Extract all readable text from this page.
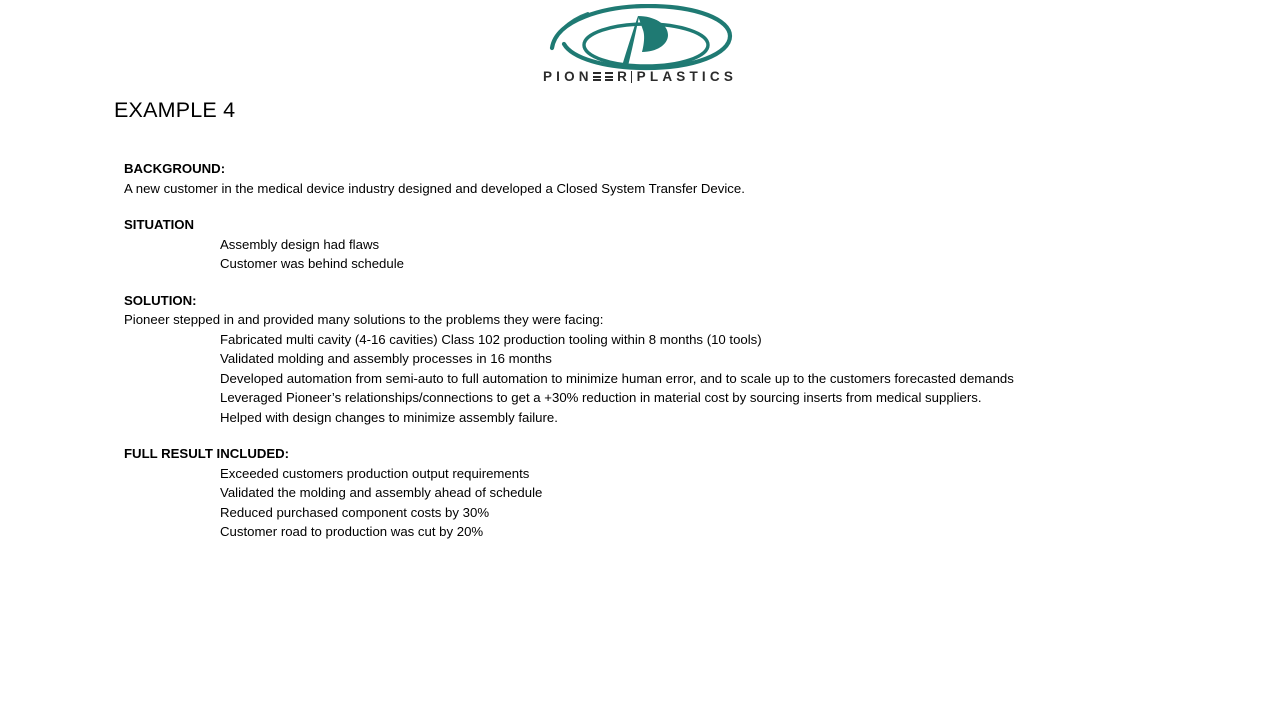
PION R PLASTICS
EXAMPLE 4
BACKGROUND:
A new customer in the medical device industry designed and developed a Closed System Transfer Device.
SITUATION
Assembly design had flaws
Customer was behind schedule
SOLUTION:
Pioneer stepped in and provided many solutions to the problems they were facing:
Fabricated multi cavity (4-16 cavities) Class 102 production tooling within 8 months (10 tools)
Validated molding and assembly processes in 16 months
Developed automation from semi-auto to full automation to minimize human error, and to scale up to the customers forecasted demands
Leveraged Pioneer’s relationships/connections to get a +30% reduction in material cost by sourcing inserts from medical suppliers.
Helped with design changes to minimize assembly failure.
FULL RESULT INCLUDED:
Exceeded customers production output requirements
Validated the molding and assembly ahead of schedule
Reduced purchased component costs by 30%
Customer road to production was cut by 20%
